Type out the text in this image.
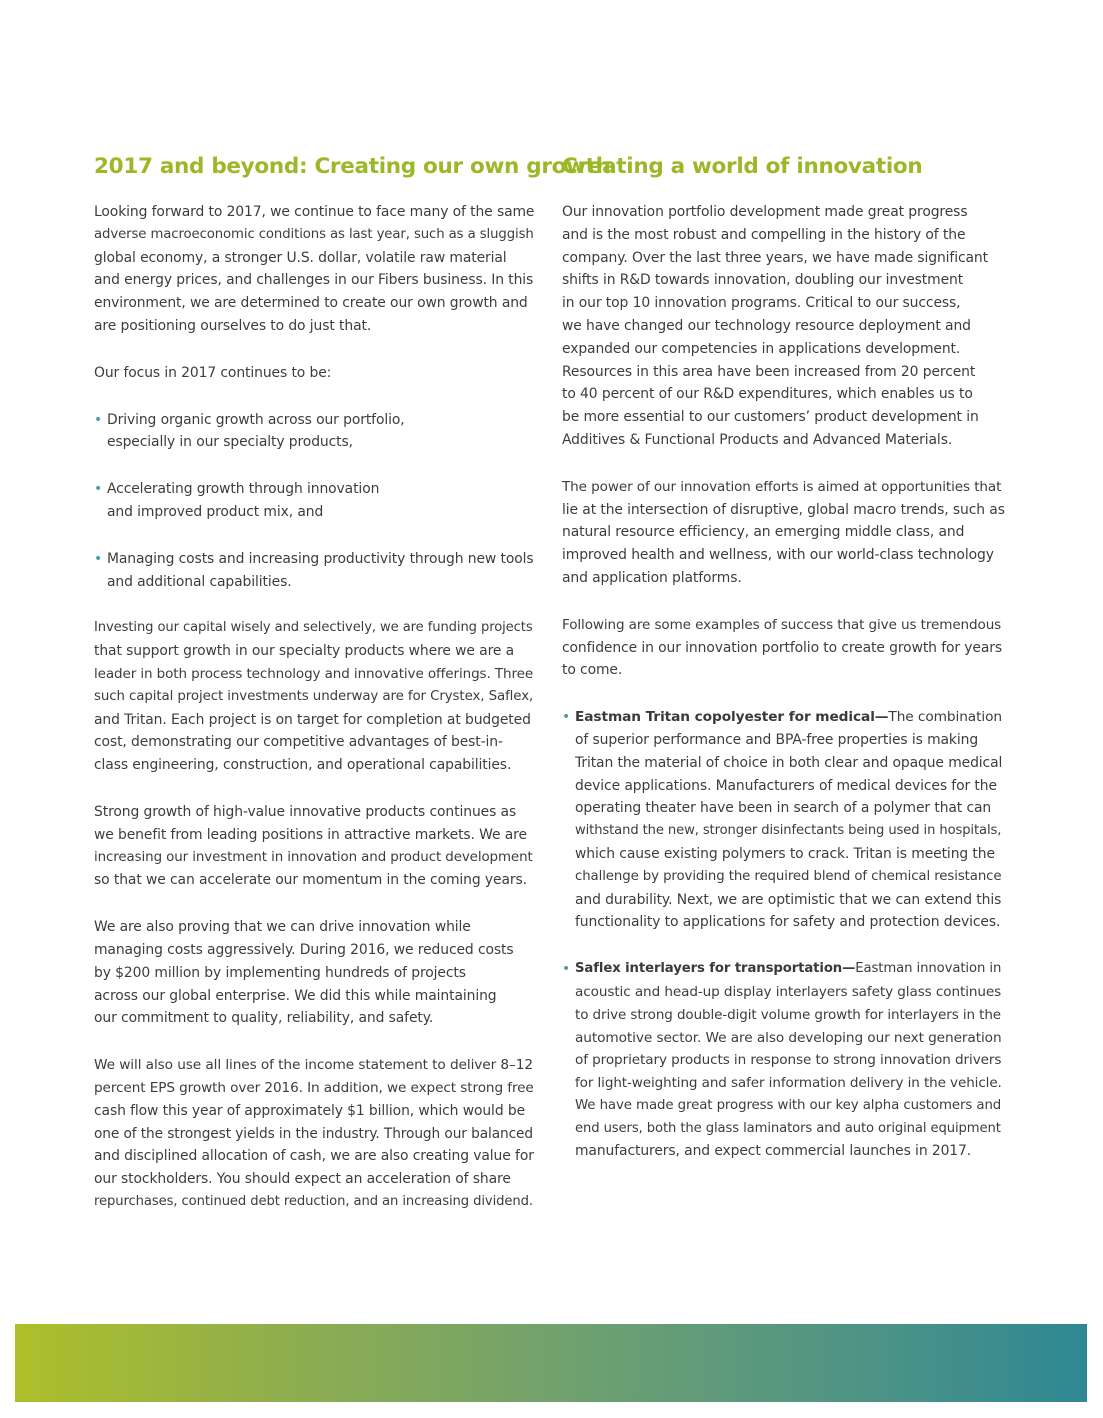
2017 and beyond: Creating our own growth
Looking forward to 2017, we continue to face many of the same
adverse macroeconomic conditions as last year, such as a sluggish
global economy, a stronger U.S. dollar, volatile raw material
and energy prices, and challenges in our Fibers business. In this
environment, we are determined to create our own growth and
are positioning ourselves to do just that.
Our focus in 2017 continues to be:
• Driving organic growth across our portfolio,
especially in our specialty products,
• Accelerating growth through innovation
and improved product mix, and
• Managing costs and increasing productivity through new tools
and additional capabilities.
Investing our capital wisely and selectively, we are funding projects
that support growth in our specialty products where we are a
leader in both process technology and innovative offerings. Three
such capital project investments underway are for Crystex, Saflex,
and Tritan. Each project is on target for completion at budgeted
cost, demonstrating our competitive advantages of best-in-
class engineering, construction, and operational capabilities.
Strong growth of high-value innovative products continues as
we benefit from leading positions in attractive markets. We are
increasing our investment in innovation and product development
so that we can accelerate our momentum in the coming years.
We are also proving that we can drive innovation while
managing costs aggressively. During 2016, we reduced costs
by $200 million by implementing hundreds of projects
across our global enterprise. We did this while maintaining
our commitment to quality, reliability, and safety.
We will also use all lines of the income statement to deliver 8–12
percent EPS growth over 2016. In addition, we expect strong free
cash flow this year of approximately $1 billion, which would be
one of the strongest yields in the industry. Through our balanced
and disciplined allocation of cash, we are also creating value for
our stockholders. You should expect an acceleration of share
repurchases, continued debt reduction, and an increasing dividend.
Creating a world of innovation
Our innovation portfolio development made great progress
and is the most robust and compelling in the history of the
company. Over the last three years, we have made significant
shifts in R&D towards innovation, doubling our investment
in our top 10 innovation programs. Critical to our success,
we have changed our technology resource deployment and
expanded our competencies in applications development.
Resources in this area have been increased from 20 percent
to 40 percent of our R&D expenditures, which enables us to
be more essential to our customers’ product development in
Additives & Functional Products and Advanced Materials.
The power of our innovation efforts is aimed at opportunities that
lie at the intersection of disruptive, global macro trends, such as
natural resource efficiency, an emerging middle class, and
improved health and wellness, with our world-class technology
and application platforms.
Following are some examples of success that give us tremendous
confidence in our innovation portfolio to create growth for years
to come.
• Eastman Tritan copolyester for medical—The combination
of superior performance and BPA-free properties is making
Tritan the material of choice in both clear and opaque medical
device applications. Manufacturers of medical devices for the
operating theater have been in search of a polymer that can
withstand the new, stronger disinfectants being used in hospitals,
which cause existing polymers to crack. Tritan is meeting the
challenge by providing the required blend of chemical resistance
and durability. Next, we are optimistic that we can extend this
functionality to applications for safety and protection devices.
• Saflex interlayers for transportation—Eastman innovation in
acoustic and head-up display interlayers safety glass continues
to drive strong double-digit volume growth for interlayers in the
automotive sector. We are also developing our next generation
of proprietary products in response to strong innovation drivers
for light-weighting and safer information delivery in the vehicle.
We have made great progress with our key alpha customers and
end users, both the glass laminators and auto original equipment
manufacturers, and expect commercial launches in 2017.
